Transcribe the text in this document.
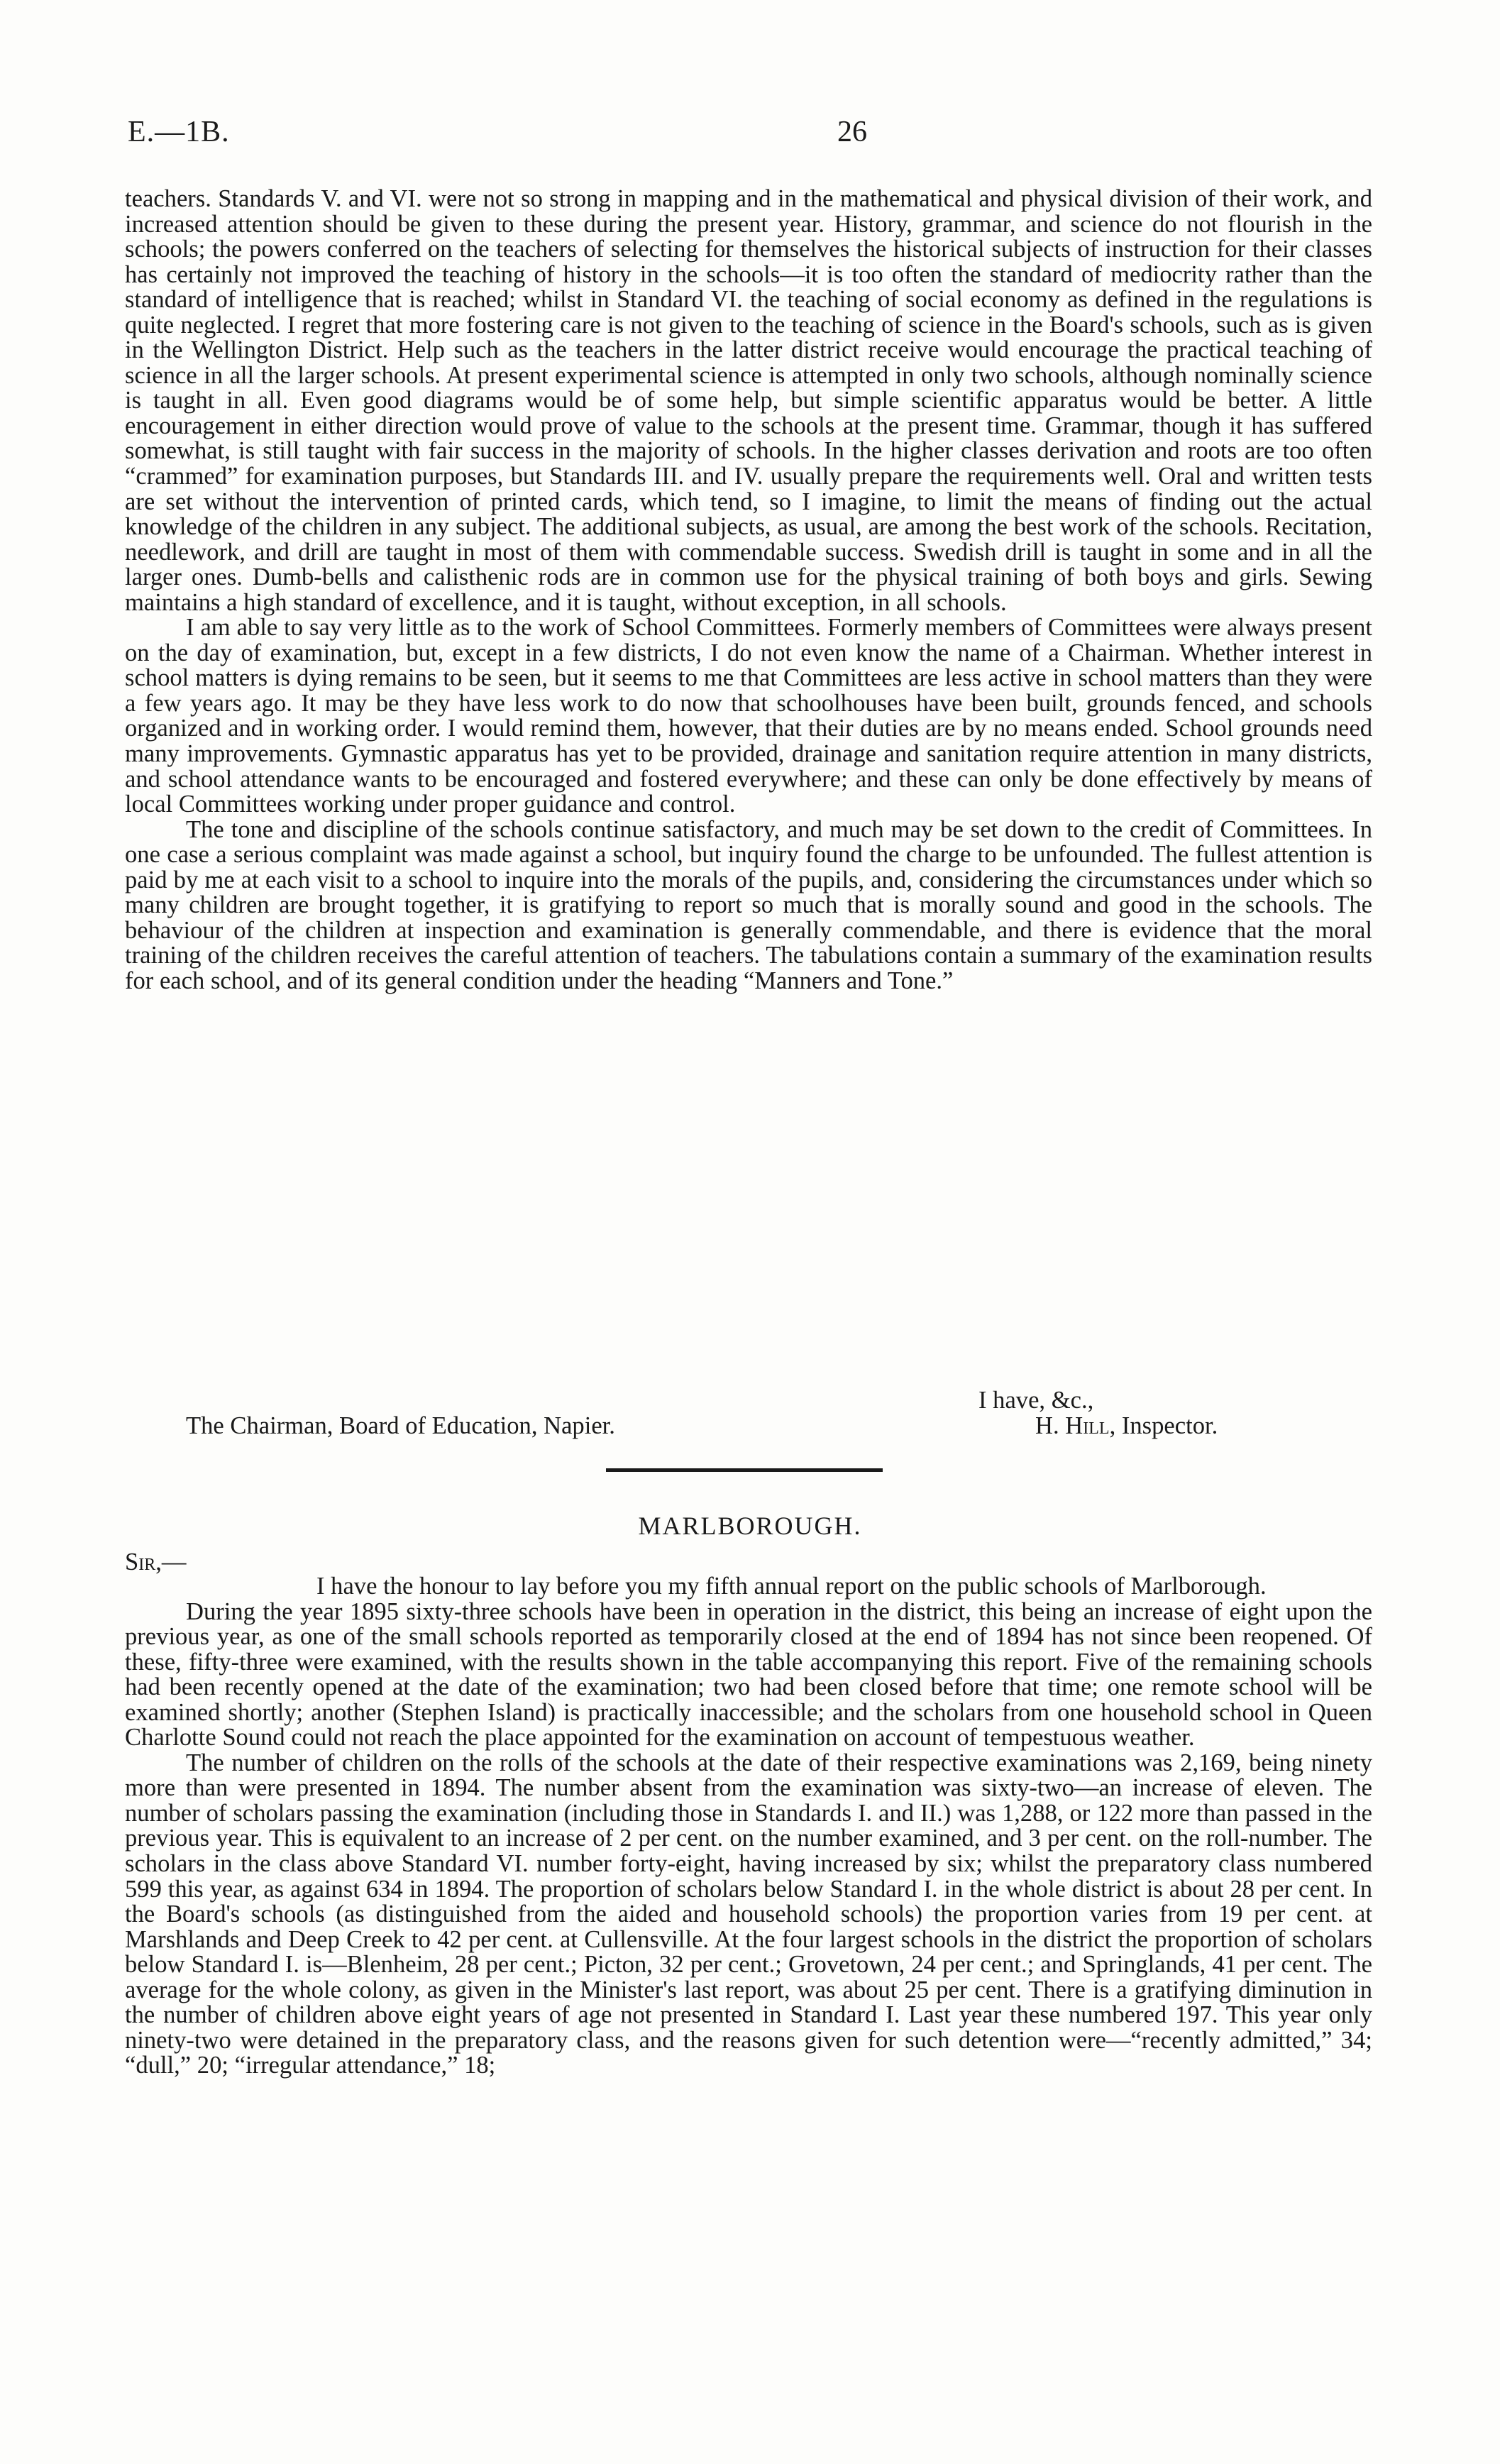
E.—1B.	26

teachers. Standards V. and VI. were not so strong in mapping and in the mathematical and physical division of their work, and increased attention should be given to these during the present year. History, grammar, and science do not flourish in the schools; the powers conferred on the teachers of selecting for themselves the historical subjects of instruction for their classes has certainly not improved the teaching of history in the schools—it is too often the standard of mediocrity rather than the standard of intelligence that is reached; whilst in Standard VI. the teaching of social economy as defined in the regulations is quite neglected. I regret that more fostering care is not given to the teaching of science in the Board's schools, such as is given in the Wellington District. Help such as the teachers in the latter district receive would encourage the practical teaching of science in all the larger schools. At present experimental science is attempted in only two schools, although nominally science is taught in all. Even good diagrams would be of some help, but simple scientific apparatus would be better. A little encouragement in either direction would prove of value to the schools at the present time. Grammar, though it has suffered somewhat, is still taught with fair success in the majority of schools. In the higher classes derivation and roots are too often “crammed” for examination purposes, but Standards III. and IV. usually prepare the requirements well. Oral and written tests are set without the intervention of printed cards, which tend, so I imagine, to limit the means of finding out the actual knowledge of the children in any subject. The additional subjects, as usual, are among the best work of the schools. Recitation, needlework, and drill are taught in most of them with commendable success. Swedish drill is taught in some and in all the larger ones. Dumb-bells and calisthenic rods are in common use for the physical training of both boys and girls. Sewing maintains a high standard of excellence, and it is taught, without exception, in all schools.

I am able to say very little as to the work of School Committees. Formerly members of Committees were always present on the day of examination, but, except in a few districts, I do not even know the name of a Chairman. Whether interest in school matters is dying remains to be seen, but it seems to me that Committees are less active in school matters than they were a few years ago. It may be they have less work to do now that schoolhouses have been built, grounds fenced, and schools organized and in working order. I would remind them, however, that their duties are by no means ended. School grounds need many improvements. Gymnastic apparatus has yet to be provided, drainage and sanitation require attention in many districts, and school attendance wants to be encouraged and fostered everywhere; and these can only be done effectively by means of local Committees working under proper guidance and control.

The tone and discipline of the schools continue satisfactory, and much may be set down to the credit of Committees. In one case a serious complaint was made against a school, but inquiry found the charge to be unfounded. The fullest attention is paid by me at each visit to a school to inquire into the morals of the pupils, and, considering the circumstances under which so many children are brought together, it is gratifying to report so much that is morally sound and good in the schools. The behaviour of the children at inspection and examination is generally commendable, and there is evidence that the moral training of the children receives the careful attention of teachers. The tabulations contain a summary of the examination results for each school, and of its general condition under the heading “Manners and Tone.”

I have, &c.,
The Chairman, Board of Education, Napier.	H. Hill, Inspector.
MARLBOROUGH.
Sir,—

I have the honour to lay before you my fifth annual report on the public schools of Marlborough.

During the year 1895 sixty-three schools have been in operation in the district, this being an increase of eight upon the previous year, as one of the small schools reported as temporarily closed at the end of 1894 has not since been reopened. Of these, fifty-three were examined, with the results shown in the table accompanying this report. Five of the remaining schools had been recently opened at the date of the examination; two had been closed before that time; one remote school will be examined shortly; another (Stephen Island) is practically inaccessible; and the scholars from one household school in Queen Charlotte Sound could not reach the place appointed for the examination on account of tempestuous weather.

The number of children on the rolls of the schools at the date of their respective examinations was 2,169, being ninety more than were presented in 1894. The number absent from the examination was sixty-two—an increase of eleven. The number of scholars passing the examination (including those in Standards I. and II.) was 1,288, or 122 more than passed in the previous year. This is equivalent to an increase of 2 per cent. on the number examined, and 3 per cent. on the roll-number. The scholars in the class above Standard VI. number forty-eight, having increased by six; whilst the preparatory class numbered 599 this year, as against 634 in 1894. The proportion of scholars below Standard I. in the whole district is about 28 per cent. In the Board's schools (as distinguished from the aided and household schools) the proportion varies from 19 per cent. at Marshlands and Deep Creek to 42 per cent. at Cullensville. At the four largest schools in the district the proportion of scholars below Standard I. is—Blenheim, 28 per cent.; Picton, 32 per cent.; Grovetown, 24 per cent.; and Springlands, 41 per cent. The average for the whole colony, as given in the Minister's last report, was about 25 per cent. There is a gratifying diminution in the number of children above eight years of age not presented in Standard I. Last year these numbered 197. This year only ninety-two were detained in the preparatory class, and the reasons given for such detention were—“recently admitted,” 34; “dull,” 20; “irregular attendance,” 18;
